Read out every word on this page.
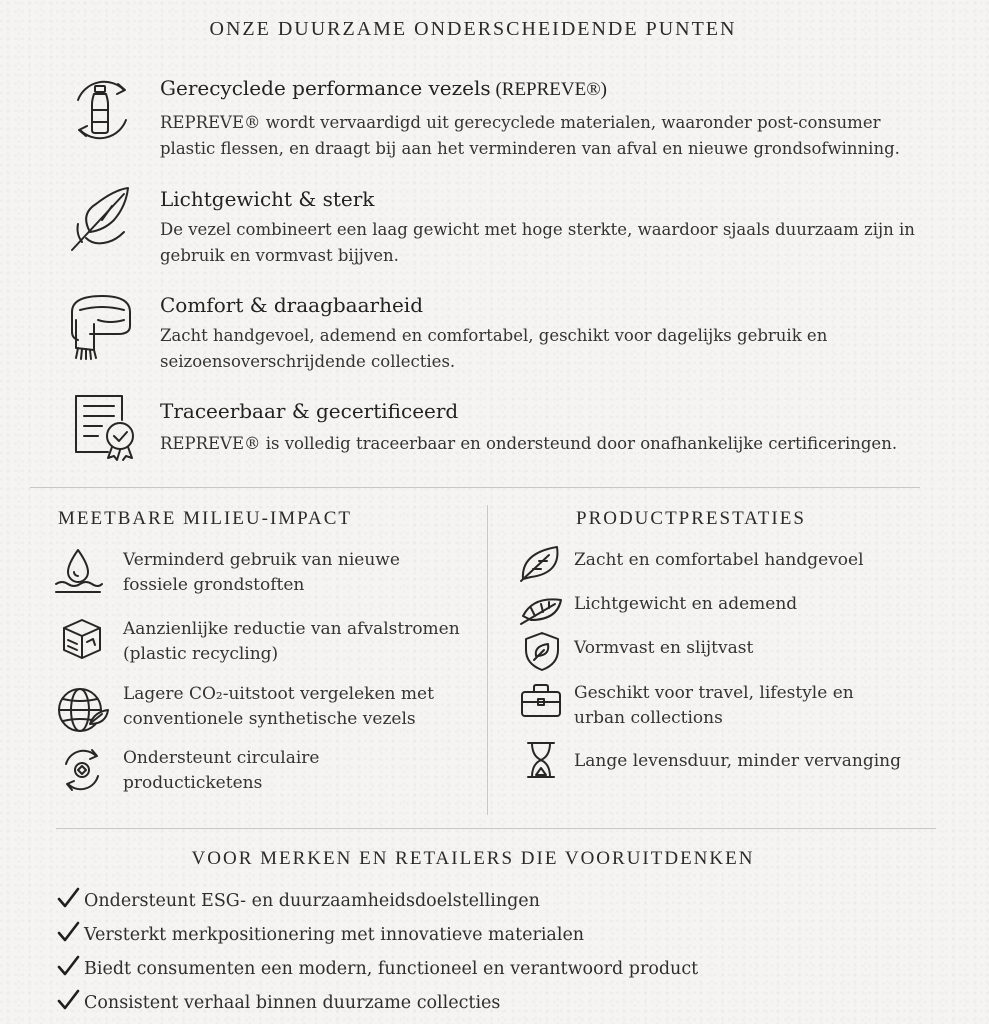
ONZE DUURZAME ONDERSCHEIDENDE PUNTEN
Gerecyclede performance vezels (REPREVE®)
REPREVE® wordt vervaardigd uit gerecyclede materialen, waaronder post-consumer plastic flessen, en draagt bij aan het verminderen van afval en nieuwe grondsofwinning.
Lichtgewicht & sterk
De vezel combineert een laag gewicht met hoge sterkte, waardoor sjaals duurzaam zijn in gebruik en vormvast bijjven.
Comfort & draagbaarheid
Zacht handgevoel, ademend en comfortabel, geschikt voor dagelijks gebruik en seizoensoverschrijdende collecties.
Traceerbaar & gecertificeerd
REPREVE® is volledig traceerbaar en ondersteund door onafhankelijke certificeringen.
MEETBARE MILIEU-IMPACT
Verminderd gebruik van nieuwe fossiele grondstoften
Aanzienlijke reductie van afvalstromen (plastic recycling)
Lagere CO₂-uitstoot vergeleken met conventionele synthetische vezels
Ondersteunt circulaire producticketens
PRODUCTPRESTATIES
Zacht en comfortabel handgevoel
Lichtgewicht en ademend
Vormvast en slijtvast
Geschikt voor travel, lifestyle en urban collections
Lange levensduur, minder vervanging
VOOR MERKEN EN RETAILERS DIE VOORUITDENKEN
Ondersteunt ESG- en duurzaamheidsdoelstellingen
Versterkt merkpositionering met innovatieve materialen
Biedt consumenten een modern, functioneel en verantwoord product
Consistent verhaal binnen duurzame collecties
